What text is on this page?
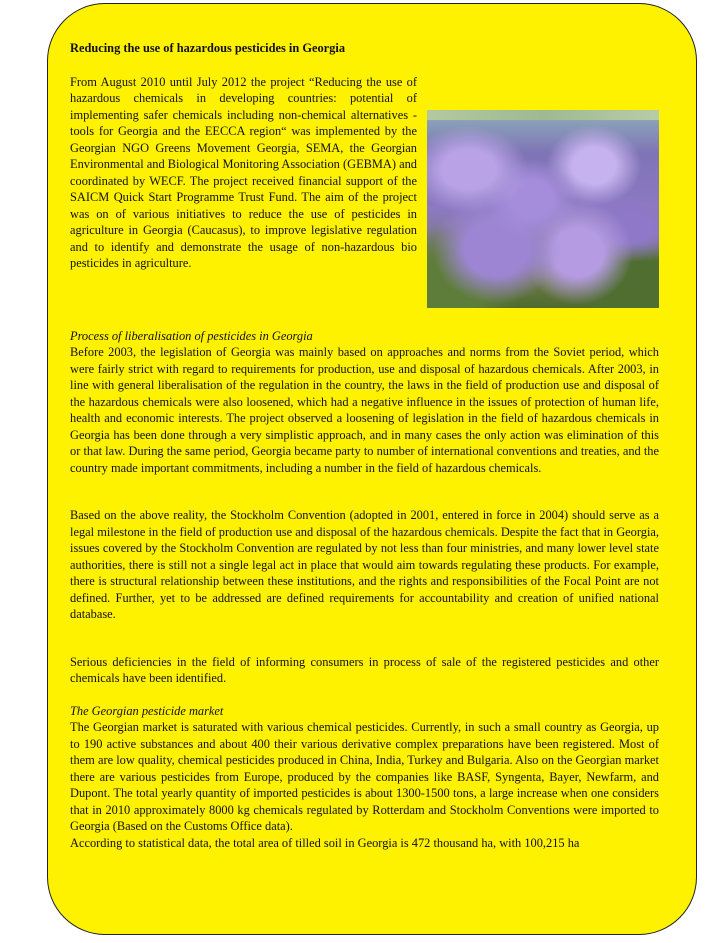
Reducing the use of hazardous pesticides in Georgia

From August 2010 until July 2012 the project “Reducing the use of hazardous chemicals in developing countries: potential of implementing safer chemicals including non-chemical alternatives - tools for Georgia and the EECCA region“ was implemented by the Georgian NGO Greens Movement Georgia, SEMA, the Georgian Environmental and Biological Monitoring Association (GEBMA) and coordinated by WECF. The project received financial support of the SAICM Quick Start Programme Trust Fund. The aim of the project was on of various initiatives to reduce the use of pesticides in agriculture in Georgia (Caucasus), to improve legislative regulation and to identify and demonstrate the usage of non-hazardous bio pesticides in agriculture.

Process of liberalisation of pesticides in Georgia

Before 2003, the legislation of Georgia was mainly based on approaches and norms from the Soviet period, which were fairly strict with regard to requirements for production, use and disposal of hazardous chemicals. After 2003, in line with general liberalisation of the regulation in the country, the laws in the field of production use and disposal of the hazardous chemicals were also loosened, which had a negative influence in the issues of protection of human life, health and economic interests. The project observed a loosening of legislation in the field of hazardous chemicals in Georgia has been done through a very simplistic approach, and in many cases the only action was elimination of this or that law. During the same period, Georgia became party to number of international conventions and treaties, and the country made important commitments, including a number in the field of hazardous chemicals.

Based on the above reality, the Stockholm Convention (adopted in 2001, entered in force in 2004) should serve as a legal milestone in the field of production use and disposal of the hazardous chemicals. Despite the fact that in Georgia, issues covered by the Stockholm Convention are regulated by not less than four ministries, and many lower level state authorities, there is still not a single legal act in place that would aim towards regulating these products. For example, there is structural relationship between these institutions, and the rights and responsibilities of the Focal Point are not defined. Further, yet to be addressed are defined requirements for accountability and creation of unified national database.

Serious deficiencies in the field of informing consumers in process of sale of the registered pesticides and other chemicals have been identified.

The Georgian pesticide market

The Georgian market is saturated with various chemical pesticides. Currently, in such a small country as Georgia, up to 190 active substances and about 400 their various derivative complex preparations have been registered. Most of them are low quality, chemical pesticides produced in China, India, Turkey and Bulgaria. Also on the Georgian market there are various pesticides from Europe, produced by the companies like BASF, Syngenta, Bayer, Newfarm, and Dupont. The total yearly quantity of imported pesticides is about 1300-1500 tons, a large increase when one considers that in 2010 approximately 8000 kg chemicals regulated by Rotterdam and Stockholm Conventions were imported to Georgia (Based on the Customs Office data).

According to statistical data, the total area of tilled soil in Georgia is 472 thousand ha, with 100,215 ha
